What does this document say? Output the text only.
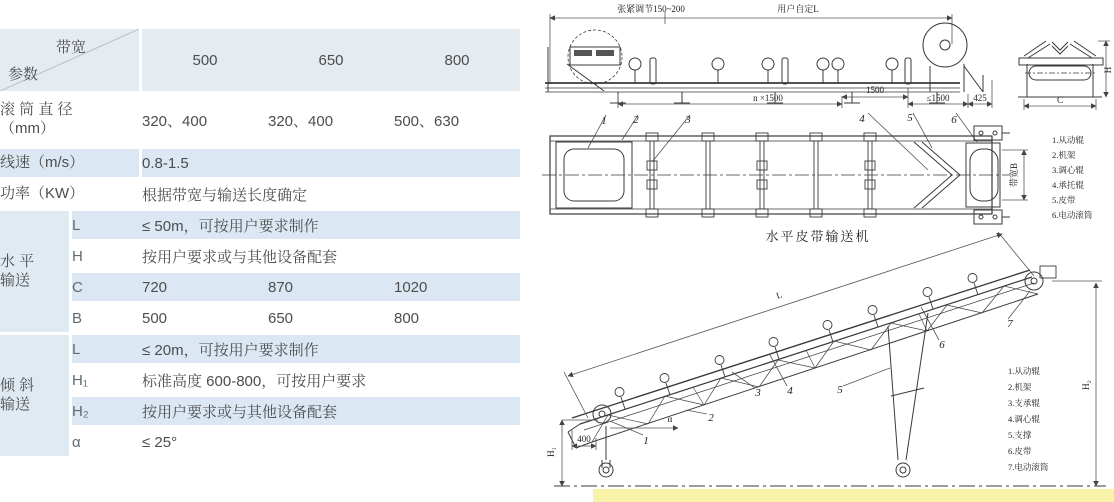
带宽
参数		500	650	800
滚 筒 直 径
（mm）		320、400	320、400	500、630
线速（m/s）		0.8-1.5		
功率（KW）		根据带宽与输送长度确定		
水 平
输送	L	≤ 50m，可按用户要求制作		
	H	按用户要求或与其他设备配套		
	C	720	870	1020
	B	500	650	800
倾 斜
输送	L	≤ 20m，可按用户要求制作		
	H₁	标准高度 600-800，可按用户要求		
	H₂	按用户要求或与其他设备配套		
	α	≤ 25°		
张紧调节150~200	用户自定L
n ×1500
1500
≤1500	425
1 2	3	4	5	6
C
H
带宽B
水平皮带输送机
1.从动辊
2.机架
3.调心辊
4.承托辊
5.皮带
6.电动滚筒
H₁
H₂
L
400
α
1
2
3 4	5
6
7
1.从动辊
2.机架
3.支承辊
4.调心辊
5.支撑
6.皮带
7.电动滚筒
